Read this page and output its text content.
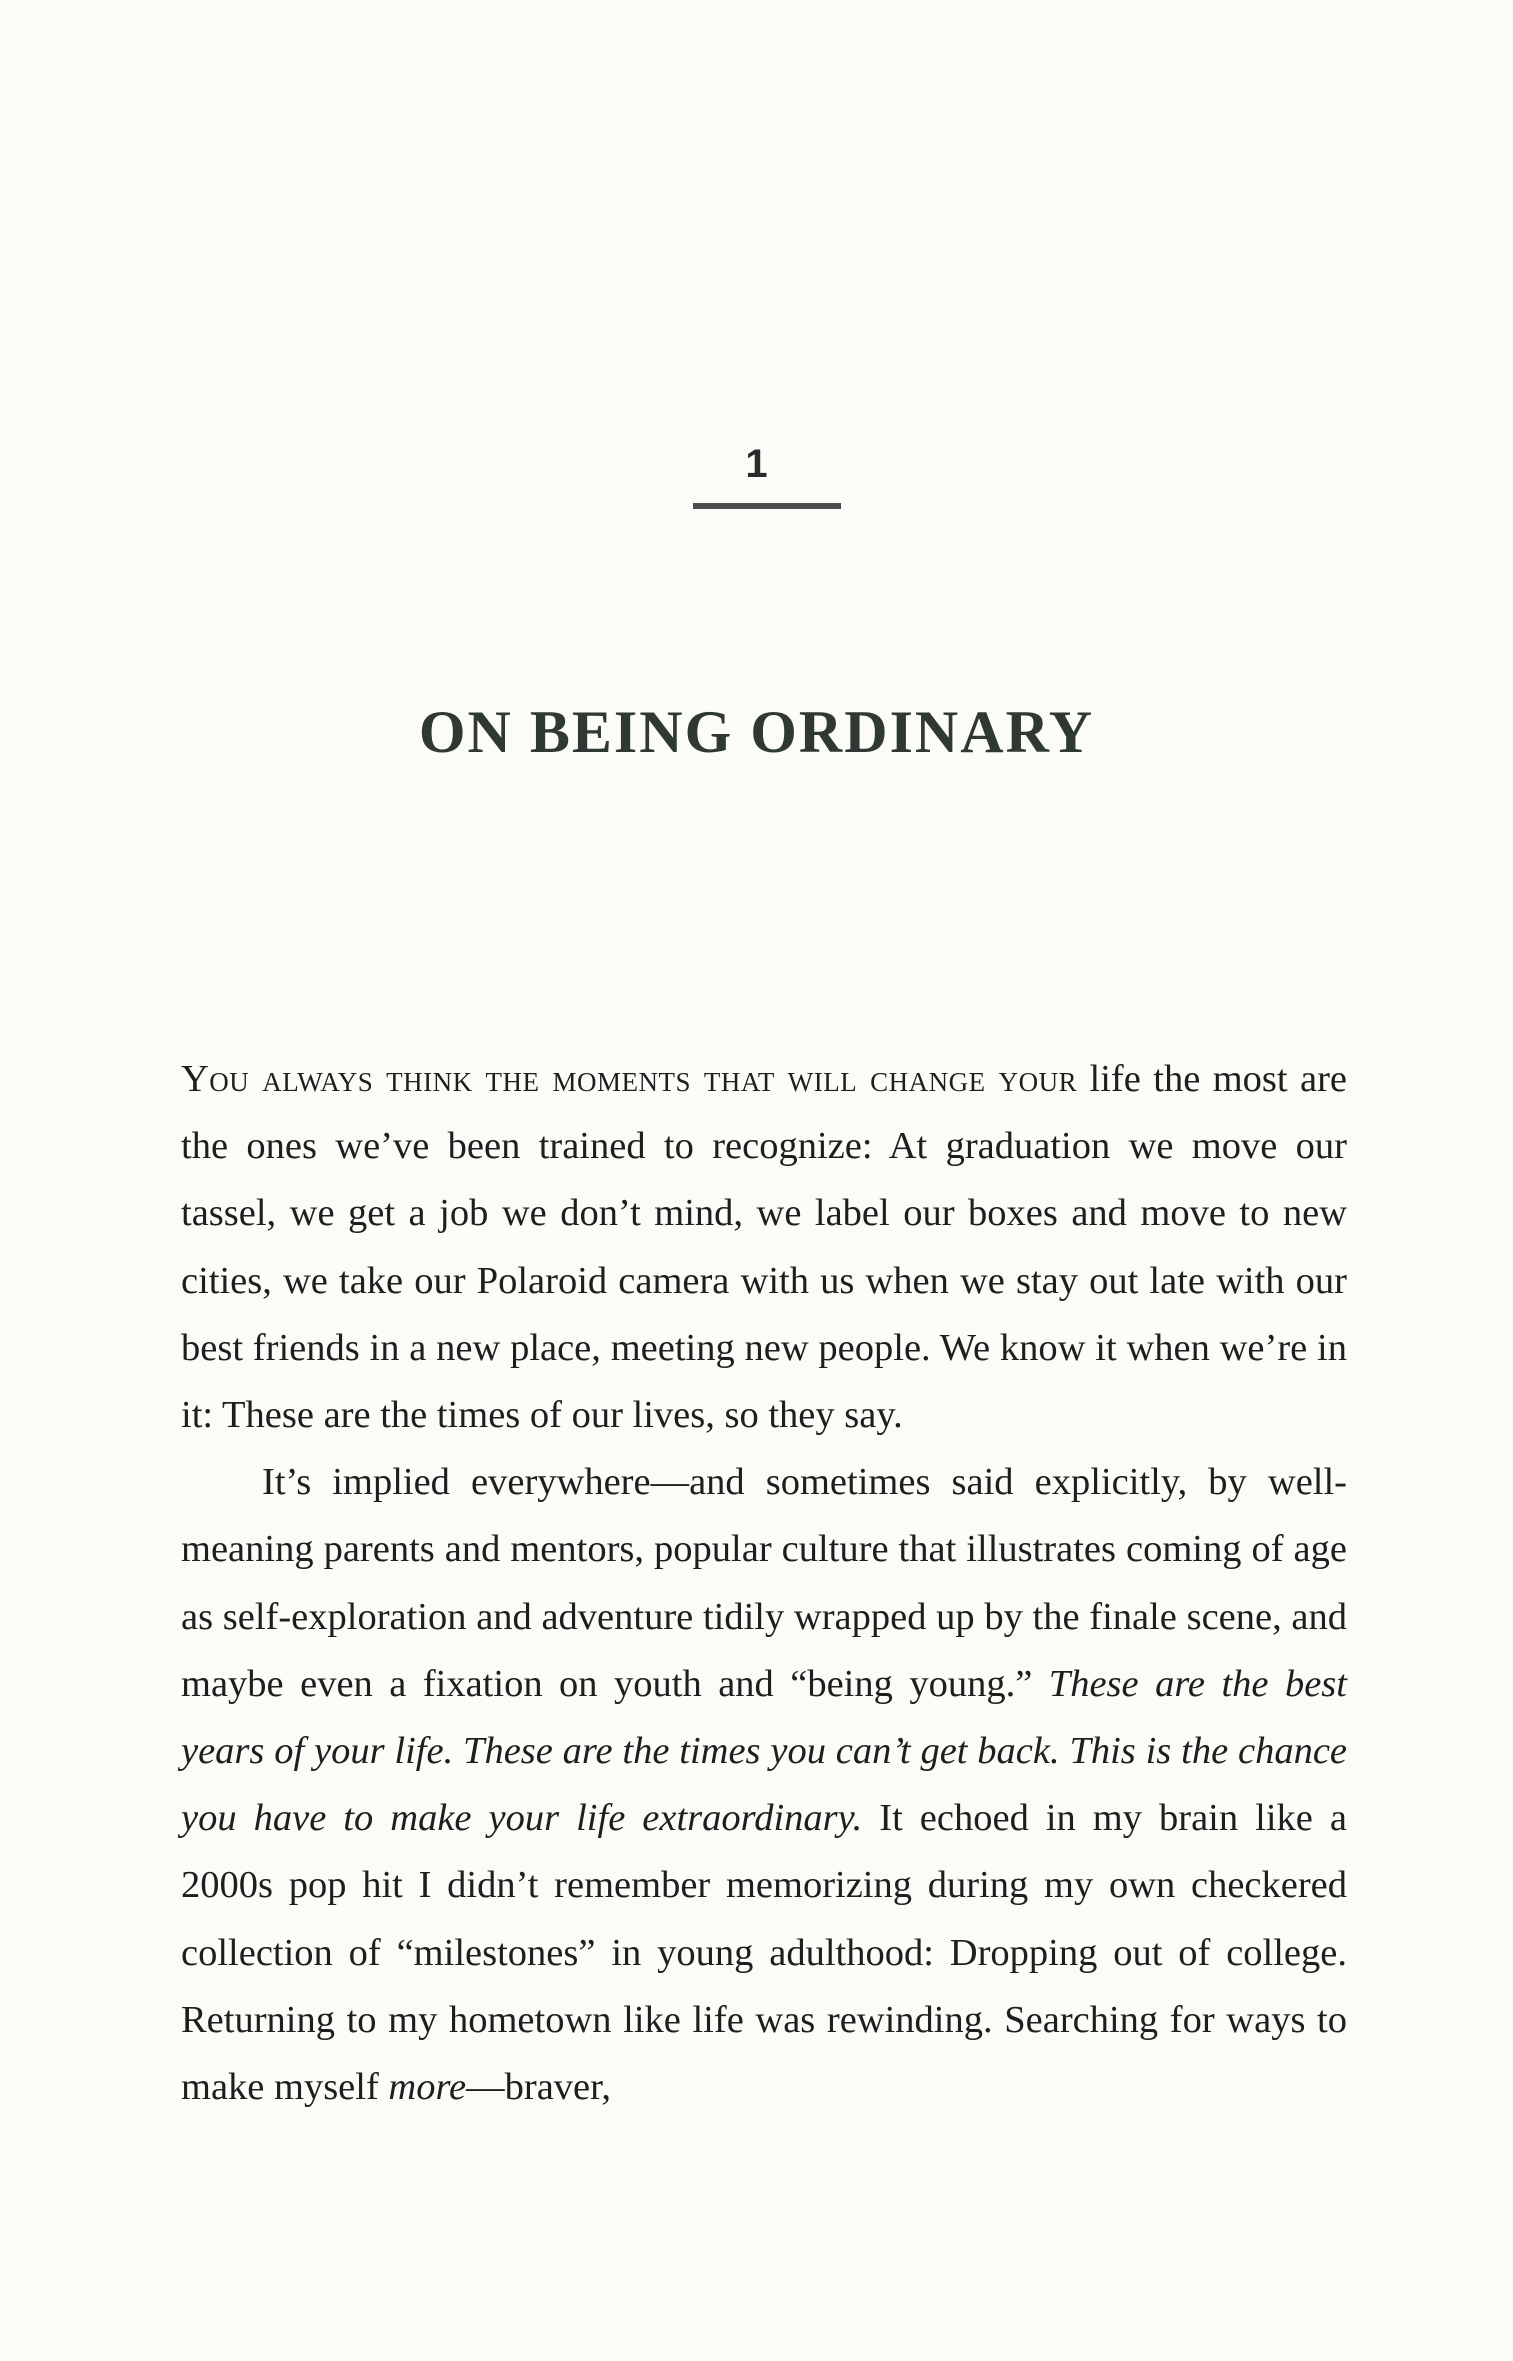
1
ON BEING ORDINARY

You always think the moments that will change your life the most are the ones we’ve been trained to recognize: At graduation we move our tassel, we get a job we don’t mind, we label our boxes and move to new cities, we take our Polaroid camera with us when we stay out late with our best friends in a new place, meeting new people. We know it when we’re in it: These are the times of our lives, so they say.

It’s implied everywhere—and sometimes said explicitly, by well-meaning parents and mentors, popular culture that illustrates coming of age as self-exploration and adventure tidily wrapped up by the finale scene, and maybe even a fixation on youth and “being young.” These are the best years of your life. These are the times you can’t get back. This is the chance you have to make your life extraordinary. It echoed in my brain like a 2000s pop hit I didn’t remember memorizing during my own checkered collection of “milestones” in young adulthood: Dropping out of college. Returning to my hometown like life was rewinding. Searching for ways to make myself more—braver,
